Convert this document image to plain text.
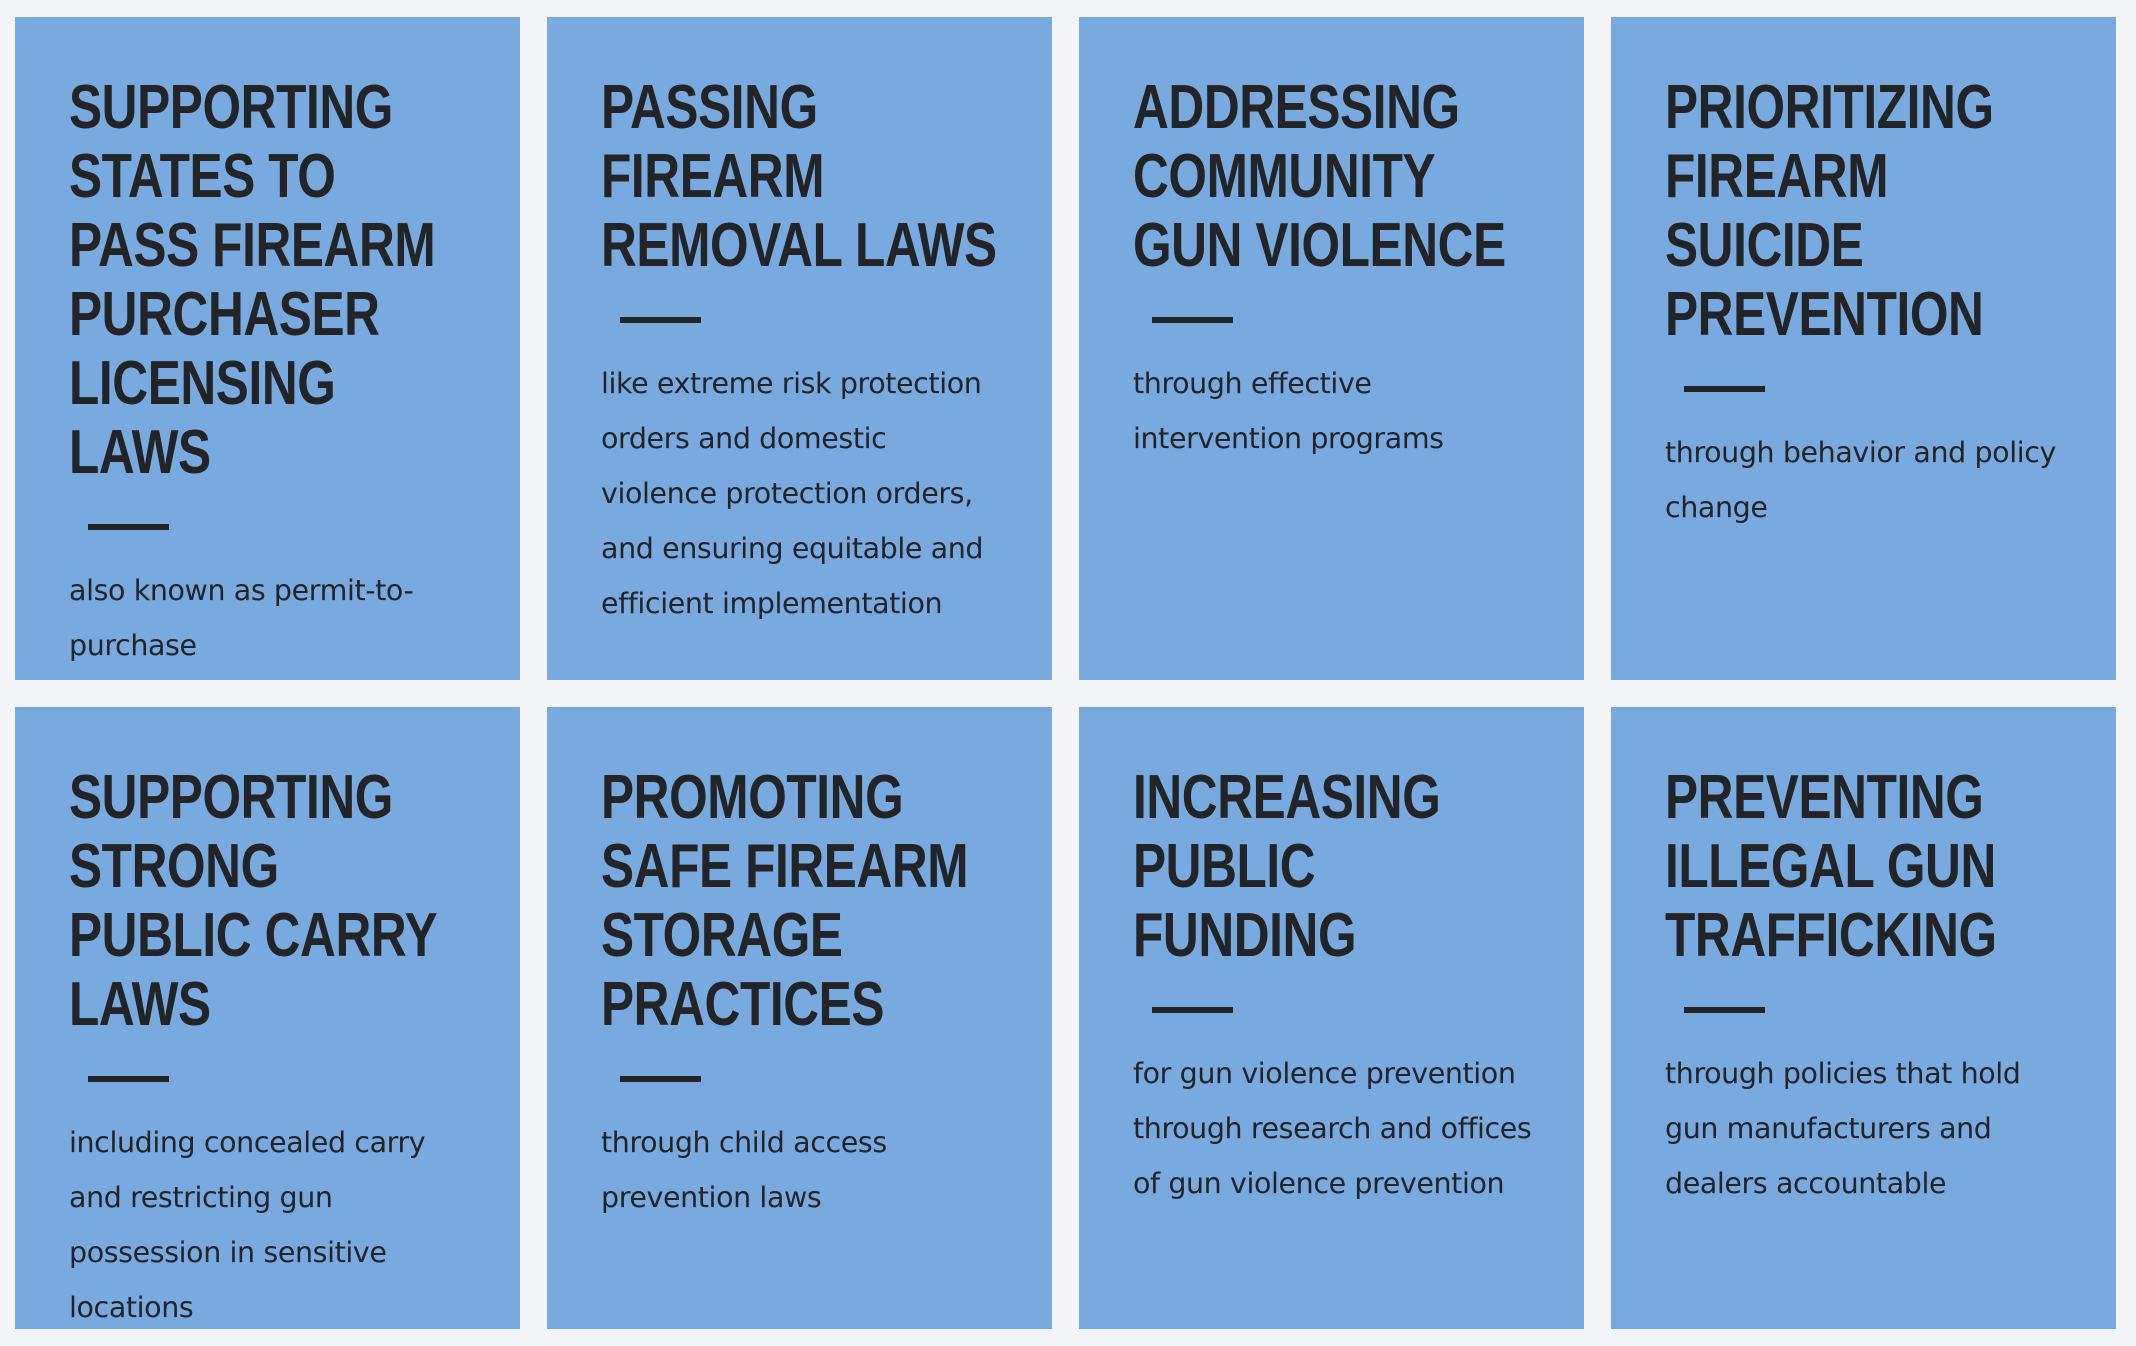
SUPPORTING STATES TO PASS FIREARM PURCHASER LICENSING LAWS

also known as permit-to-purchase

PASSING FIREARM REMOVAL LAWS

like extreme risk protection orders and domestic violence protection orders, and ensuring equitable and efficient implementation

ADDRESSING COMMUNITY GUN VIOLENCE

through effective intervention programs

PRIORITIZING FIREARM SUICIDE PREVENTION

through behavior and policy change

SUPPORTING STRONG PUBLIC CARRY LAWS

including concealed carry and restricting gun possession in sensitive locations

PROMOTING SAFE FIREARM STORAGE PRACTICES

through child access prevention laws

INCREASING PUBLIC FUNDING

for gun violence prevention through research and offices of gun violence prevention

PREVENTING ILLEGAL GUN TRAFFICKING

through policies that hold gun manufacturers and dealers accountable
